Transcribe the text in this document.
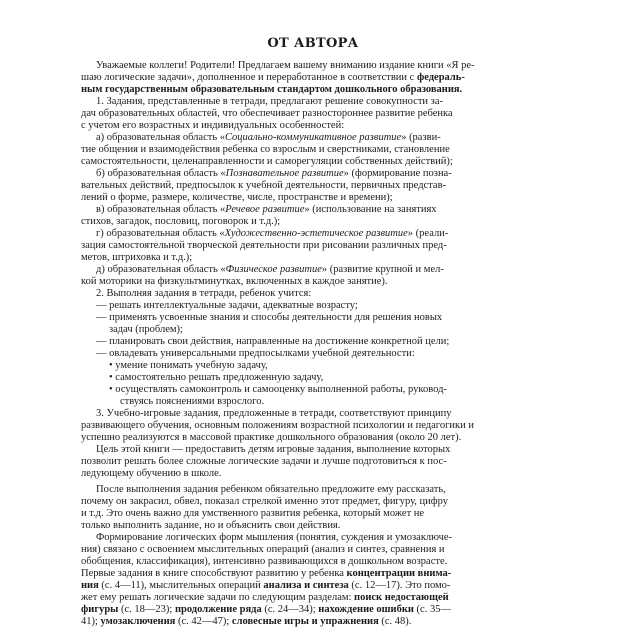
ОТ АВТОРА
Уважаемые коллеги! Родители! Предлагаем вашему вниманию издание книги «Я ре-
шаю логические задачи», дополненное и переработанное в соответствии с федераль-
ным государственным образовательным стандартом дошкольного образования.
1. Задания, представленные в тетради, предлагают решение совокупности за-
дач образовательных областей, что обеспечивает разностороннее развитие ребенка
с учетом его возрастных и индивидуальных особенностей:
а) образовательная область «Социально-коммуникативное развитие» (разви-
тие общения и взаимодействия ребенка со взрослым и сверстниками, становление
самостоятельности, целенаправленности и саморегуляции собственных действий);
б) образовательная область «Познавательное развитие» (формирование позна-
вательных действий, предпосылок к учебной деятельности, первичных представ-
лений о форме, размере, количестве, числе, пространстве и времени);
в) образовательная область «Речевое развитие» (использование на занятиях
стихов, загадок, пословиц, поговорок и т.д.);
г) образовательная область «Художественно-эстетическое развитие» (реали-
зация самостоятельной творческой деятельности при рисовании различных пред-
метов, штриховка и т.д.);
д) образовательная область «Физическое развитие» (развитие крупной и мел-
кой моторики на физкультминутках, включенных в каждое занятие).
2. Выполняя задания в тетради, ребенок учится:
— решать интеллектуальные задачи, адекватные возрасту;
— применять усвоенные знания и способы деятельности для решения новых
задач (проблем);
— планировать свои действия, направленные на достижение конкретной цели;
— овладевать универсальными предпосылками учебной деятельности:
• умение понимать учебную задачу,
• самостоятельно решать предложенную задачу,
• осуществлять самоконтроль и самооценку выполненной работы, руковод-
ствуясь пояснениями взрослого.
3. Учебно-игровые задания, предложенные в тетради, соответствуют принципу
развивающего обучения, основным положениям возрастной психологии и педагогики и
успешно реализуются в массовой практике дошкольного образования (около 20 лет).
Цель этой книги — предоставить детям игровые задания, выполнение которых
позволит решать более сложные логические задачи и лучше подготовиться к пос-
ледующему обучению в школе.
После выполнения задания ребенком обязательно предложите ему рассказать,
почему он закрасил, обвел, показал стрелкой именно этот предмет, фигуру, цифру
и т.д. Это очень важно для умственного развития ребенка, который может не
только выполнить задание, но и объяснить свои действия.
Формирование логических форм мышления (понятия, суждения и умозаключе-
ния) связано с освоением мыслительных операций (анализ и синтез, сравнения и
обобщения, классификация), интенсивно развивающихся в дошкольном возрасте.
Первые задания в книге способствуют развитию у ребенка концентрации внима-
ния (с. 4—11), мыслительных операций анализа и синтеза (с. 12—17). Это помо-
жет ему решать логические задачи по следующим разделам: поиск недостающей
фигуры (с. 18—23); продолжение ряда (с. 24—34); нахождение ошибки (с. 35—
41); умозаключения (с. 42—47); словесные игры и упражнения (с. 48).
